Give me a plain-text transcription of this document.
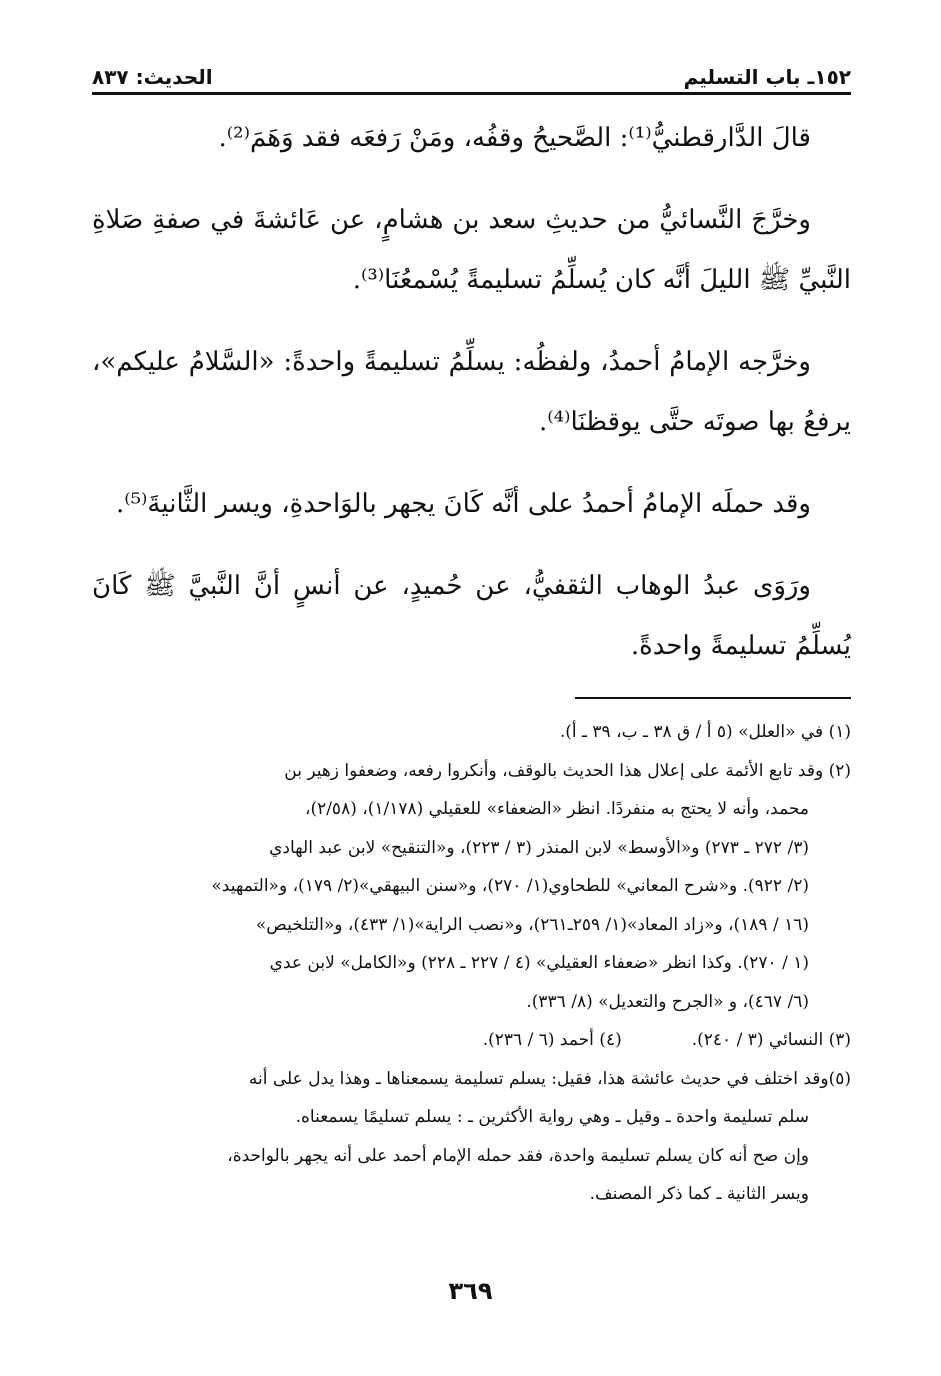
١٥٢ـ باب التسليم
الحديث: ٨٣٧

قالَ الدَّارقطنيُّ⁽¹⁾: الصَّحيحُ وقفُه، ومَنْ رَفعَه فقد وَهَمَ⁽²⁾.

وخرَّجَ النَّسائيُّ من حديثِ سعد بن هشامٍ، عن عَائشةَ في صفةِ صَلاةِ النَّبيِّ ﷺ الليلَ أنَّه كان يُسلِّمُ تسليمةً يُسْمعُنَا⁽³⁾.

وخرَّجه الإمامُ أحمدُ، ولفظُه: يسلِّمُ تسليمةً واحدةً: «السَّلامُ عليكم»، يرفعُ بها صوتَه حتَّى يوقظنَا⁽⁴⁾.

وقد حملَه الإمامُ أحمدُ على أنَّه كَانَ يجهر بالوَاحدةِ، ويسر الثَّانيةَ⁽⁵⁾.

ورَوَى عبدُ الوهاب الثقفيُّ، عن حُميدٍ، عن أنسٍ أنَّ النَّبيَّ ﷺ كَانَ يُسلِّمُ تسليمةً واحدةً.

(١) في «العلل» (٥ أ / ق ٣٨ ـ ب، ٣٩ ـ أ).
(٢) وقد تابع الأئمة على إعلال هذا الحديث بالوقف، وأنكروا رفعه، وضعفوا زهير بن
محمد، وأنه لا يحتج به منفردًا. انظر «الضعفاء» للعقيلي (١/١٧٨)، (٢/٥٨)،
(٣/ ٢٧٢ ـ ٢٧٣) و«الأوسط» لابن المنذر (٣ / ٢٢٣)، و«التنقيح» لابن عبد الهادي
(٢/ ٩٢٢). و«شرح المعاني» للطحاوي(١/ ٢٧٠)، و«سنن البيهقي»(٢/ ١٧٩)، و«التمهيد»
(١٦ / ١٨٩)، و«زاد المعاد»(١/ ٢٥٩ـ٢٦١)، و«نصب الراية»(١/ ٤٣٣)، و«التلخيص»
(١ / ٢٧٠). وكذا انظر «ضعفاء العقيلي» (٤ / ٢٢٧ ـ ٢٢٨) و«الكامل» لابن عدي
(٦/ ٤٦٧)، و «الجرح والتعديل» (٨/ ٣٣٦).
(٣) النسائي (٣ / ٢٤٠).
(٤) أحمد (٦ / ٢٣٦).
(٥)وقد اختلف في حديث عائشة هذا، فقيل: يسلم تسليمة يسمعناها ـ وهذا يدل على أنه
سلم تسليمة واحدة ـ وقيل ـ وهي رواية الأكثرين ـ : يسلم تسليمًا يسمعناه.
وإن صح أنه كان يسلم تسليمة واحدة، فقد حمله الإمام أحمد على أنه يجهر بالواحدة،
ويسر الثانية ـ كما ذكر المصنف.
٣٦٩
